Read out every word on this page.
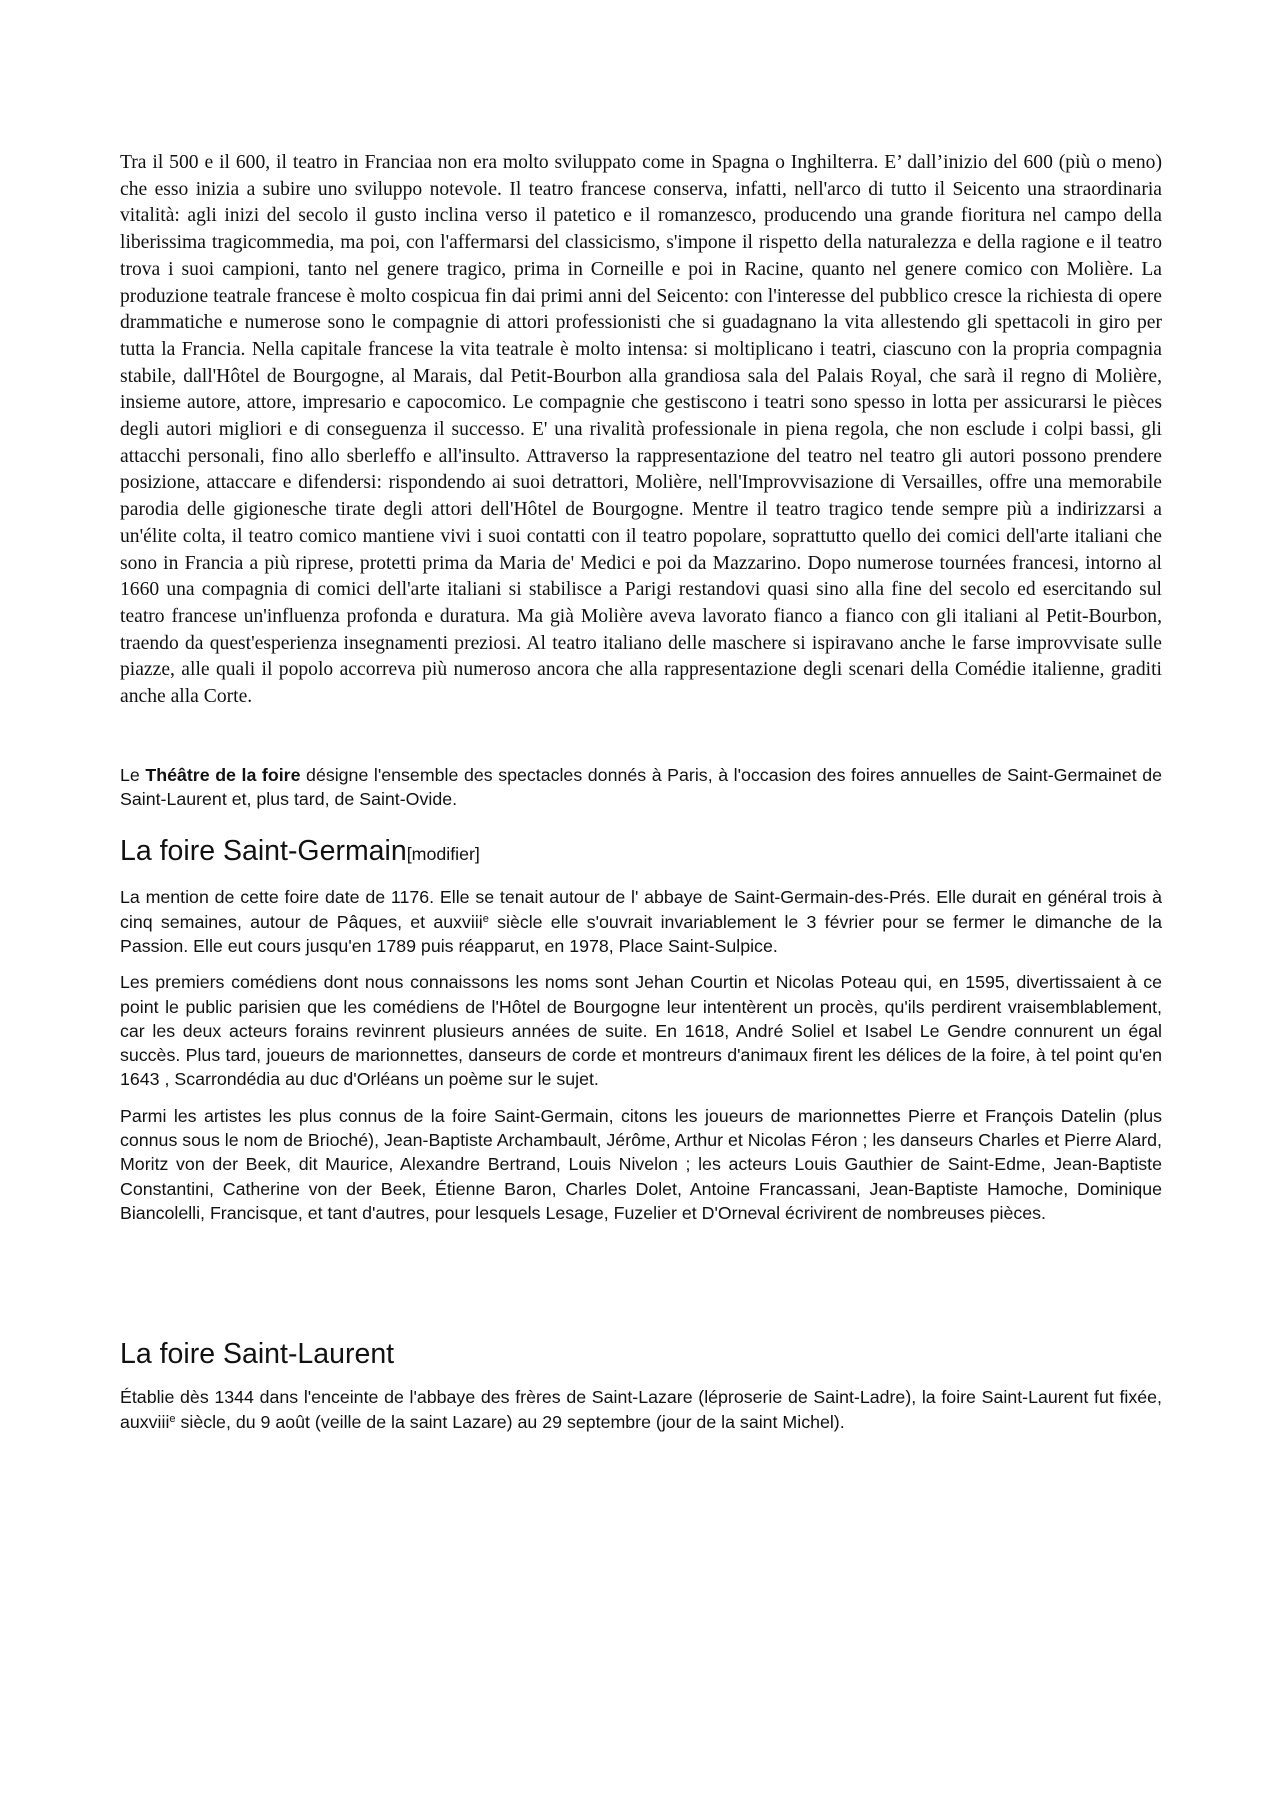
Tra il 500 e il 600, il teatro in Franciaa non era molto sviluppato come in Spagna o Inghilterra. E’ dall’inizio del 600 (più o meno) che esso inizia a subire uno sviluppo notevole. Il teatro francese conserva, infatti, nell'arco di tutto il Seicento una straordinaria vitalità: agli inizi del secolo il gusto inclina verso il patetico e il romanzesco, producendo una grande fioritura nel campo della liberissima tragicommedia, ma poi, con l'affermarsi del classicismo, s'impone il rispetto della naturalezza e della ragione e il teatro trova i suoi campioni, tanto nel genere tragico, prima in Corneille e poi in Racine, quanto nel genere comico con Molière. La produzione teatrale francese è molto cospicua fin dai primi anni del Seicento: con l'interesse del pubblico cresce la richiesta di opere drammatiche e numerose sono le compagnie di attori professionisti che si guadagnano la vita allestendo gli spettacoli in giro per tutta la Francia. Nella capitale francese la vita teatrale è molto intensa: si moltiplicano i teatri, ciascuno con la propria compagnia stabile, dall'Hôtel de Bourgogne, al Marais, dal Petit-Bourbon alla grandiosa sala del Palais Royal, che sarà il regno di Molière, insieme autore, attore, impresario e capocomico. Le compagnie che gestiscono i teatri sono spesso in lotta per assicurarsi le pièces degli autori migliori e di conseguenza il successo. E' una rivalità professionale in piena regola, che non esclude i colpi bassi, gli attacchi personali, fino allo sberleffo e all'insulto. Attraverso la rappresentazione del teatro nel teatro gli autori possono prendere posizione, attaccare e difendersi: rispondendo ai suoi detrattori, Molière, nell'Improvvisazione di Versailles, offre una memorabile parodia delle gigionesche tirate degli attori dell'Hôtel de Bourgogne. Mentre il teatro tragico tende sempre più a indirizzarsi a un'élite colta, il teatro comico mantiene vivi i suoi contatti con il teatro popolare, soprattutto quello dei comici dell'arte italiani che sono in Francia a più riprese, protetti prima da Maria de' Medici e poi da Mazzarino. Dopo numerose tournées francesi, intorno al 1660 una compagnia di comici dell'arte italiani si stabilisce a Parigi restandovi quasi sino alla fine del secolo ed esercitando sul teatro francese un'influenza profonda e duratura. Ma già Molière aveva lavorato fianco a fianco con gli italiani al Petit-Bourbon, traendo da quest'esperienza insegnamenti preziosi. Al teatro italiano delle maschere si ispiravano anche le farse improvvisate sulle piazze, alle quali il popolo accorreva più numeroso ancora che alla rappresentazione degli scenari della Comédie italienne, graditi anche alla Corte.

Le Théâtre de la foire désigne l'ensemble des spectacles donnés à Paris, à l'occasion des foires annuelles de Saint-Germainet de Saint-Laurent et, plus tard, de Saint-Ovide.

La foire Saint-Germain[modifier]

La mention de cette foire date de 1176. Elle se tenait autour de l' abbaye de Saint-Germain-des-Prés. Elle durait en général trois à cinq semaines, autour de Pâques, et auxviii$^e$ siècle elle s'ouvrait invariablement le 3 février pour se fermer le dimanche de la Passion. Elle eut cours jusqu'en 1789 puis réapparut, en 1978, Place Saint-Sulpice.

Les premiers comédiens dont nous connaissons les noms sont Jehan Courtin et Nicolas Poteau qui, en 1595, divertissaient à ce point le public parisien que les comédiens de l'Hôtel de Bourgogne leur intentèrent un procès, qu'ils perdirent vraisemblablement, car les deux acteurs forains revinrent plusieurs années de suite. En 1618, André Soliel et Isabel Le Gendre connurent un égal succès. Plus tard, joueurs de marionnettes, danseurs de corde et montreurs d'animaux firent les délices de la foire, à tel point qu'en 1643 , Scarrondédia au duc d'Orléans un poème sur le sujet.

Parmi les artistes les plus connus de la foire Saint-Germain, citons les joueurs de marionnettes Pierre et François Datelin (plus connus sous le nom de Brioché), Jean-Baptiste Archambault, Jérôme, Arthur et Nicolas Féron ; les danseurs Charles et Pierre Alard, Moritz von der Beek, dit Maurice, Alexandre Bertrand, Louis Nivelon ; les acteurs Louis Gauthier de Saint-Edme, Jean-Baptiste Constantini, Catherine von der Beek, Étienne Baron, Charles Dolet, Antoine Francassani, Jean-Baptiste Hamoche, Dominique Biancolelli, Francisque, et tant d'autres, pour lesquels Lesage, Fuzelier et D'Orneval écrivirent de nombreuses pièces.

La foire Saint-Laurent

Établie dès 1344 dans l'enceinte de l'abbaye des frères de Saint-Lazare (léproserie de Saint-Ladre), la foire Saint-Laurent fut fixée, auxviii$^e$ siècle, du 9 août (veille de la saint Lazare) au 29 septembre (jour de la saint Michel).
